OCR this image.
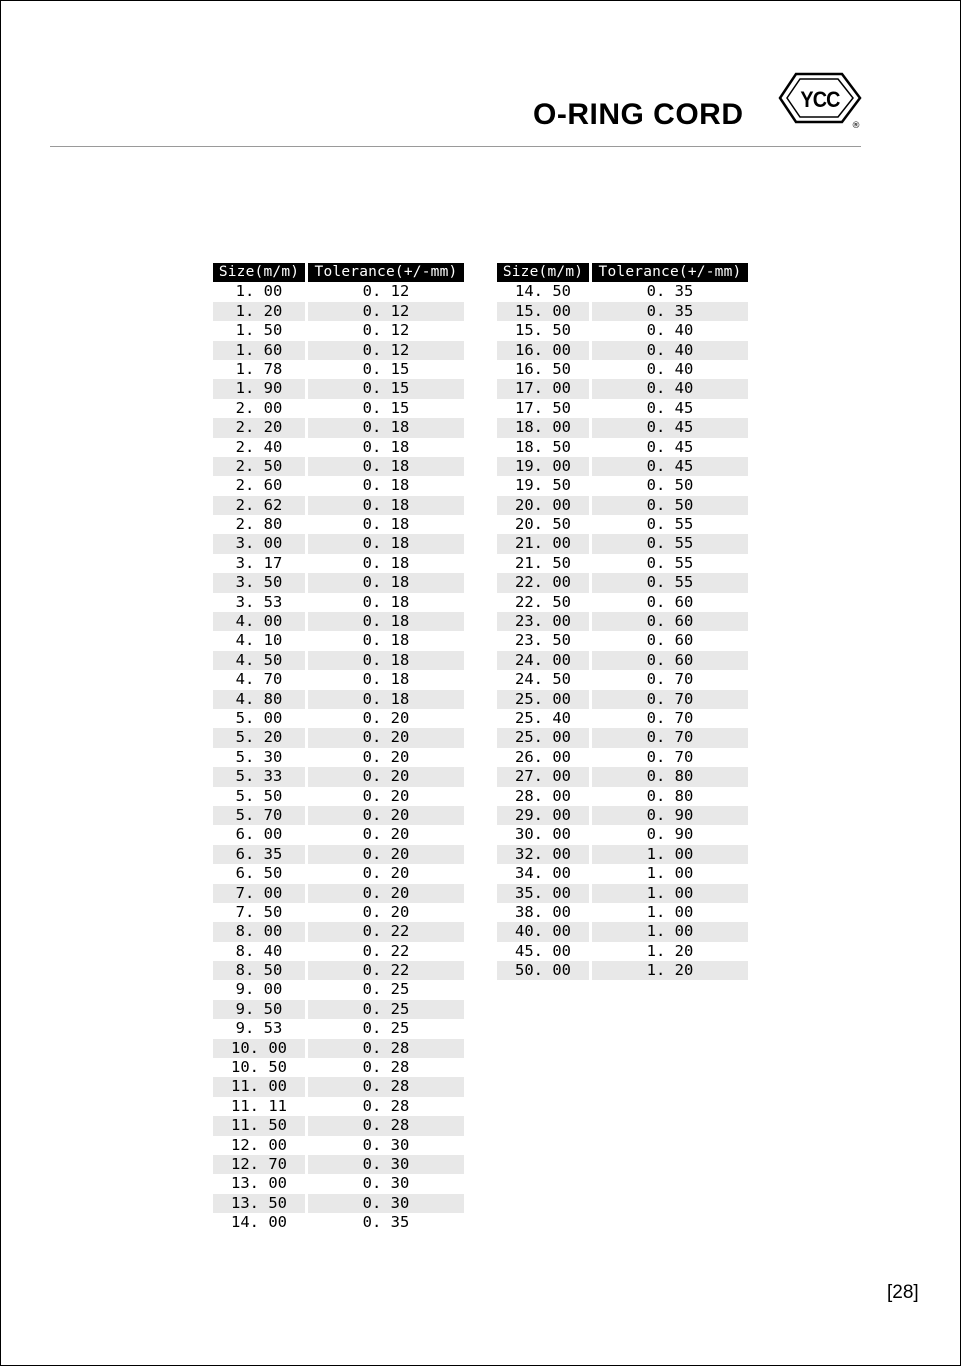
O-RING CORD	YCC
®
Size(m/m)	Tolerance(+/-mm)
1. 00	0. 12
1. 20	0. 12
1. 50	0. 12
1. 60	0. 12
1. 78	0. 15
1. 90	0. 15
2. 00	0. 15
2. 20	0. 18
2. 40	0. 18
2. 50	0. 18
2. 60	0. 18
2. 62	0. 18
2. 80	0. 18
3. 00	0. 18
3. 17	0. 18
3. 50	0. 18
3. 53	0. 18
4. 00	0. 18
4. 10	0. 18
4. 50	0. 18
4. 70	0. 18
4. 80	0. 18
5. 00	0. 20
5. 20	0. 20
5. 30	0. 20
5. 33	0. 20
5. 50	0. 20
5. 70	0. 20
6. 00	0. 20
6. 35	0. 20
6. 50	0. 20
7. 00	0. 20
7. 50	0. 20
8. 00	0. 22
8. 40	0. 22
8. 50	0. 22
9. 00	0. 25
9. 50	0. 25
9. 53	0. 25
10. 00	0. 28
10. 50	0. 28
11. 00	0. 28
11. 11	0. 28
11. 50	0. 28
12. 00	0. 30
12. 70	0. 30
13. 00	0. 30
13. 50	0. 30
14. 00	0. 35
Size(m/m)	Tolerance(+/-mm)
14. 50	0. 35
15. 00	0. 35
15. 50	0. 40
16. 00	0. 40
16. 50	0. 40
17. 00	0. 40
17. 50	0. 45
18. 00	0. 45
18. 50	0. 45
19. 00	0. 45
19. 50	0. 50
20. 00	0. 50
20. 50	0. 55
21. 00	0. 55
21. 50	0. 55
22. 00	0. 55
22. 50	0. 60
23. 00	0. 60
23. 50	0. 60
24. 00	0. 60
24. 50	0. 70
25. 00	0. 70
25. 40	0. 70
25. 00	0. 70
26. 00	0. 70
27. 00	0. 80
28. 00	0. 80
29. 00	0. 90
30. 00	0. 90
32. 00	1. 00
34. 00	1. 00
35. 00	1. 00
38. 00	1. 00
40. 00	1. 00
45. 00	1. 20
50. 00	1. 20
[28]
